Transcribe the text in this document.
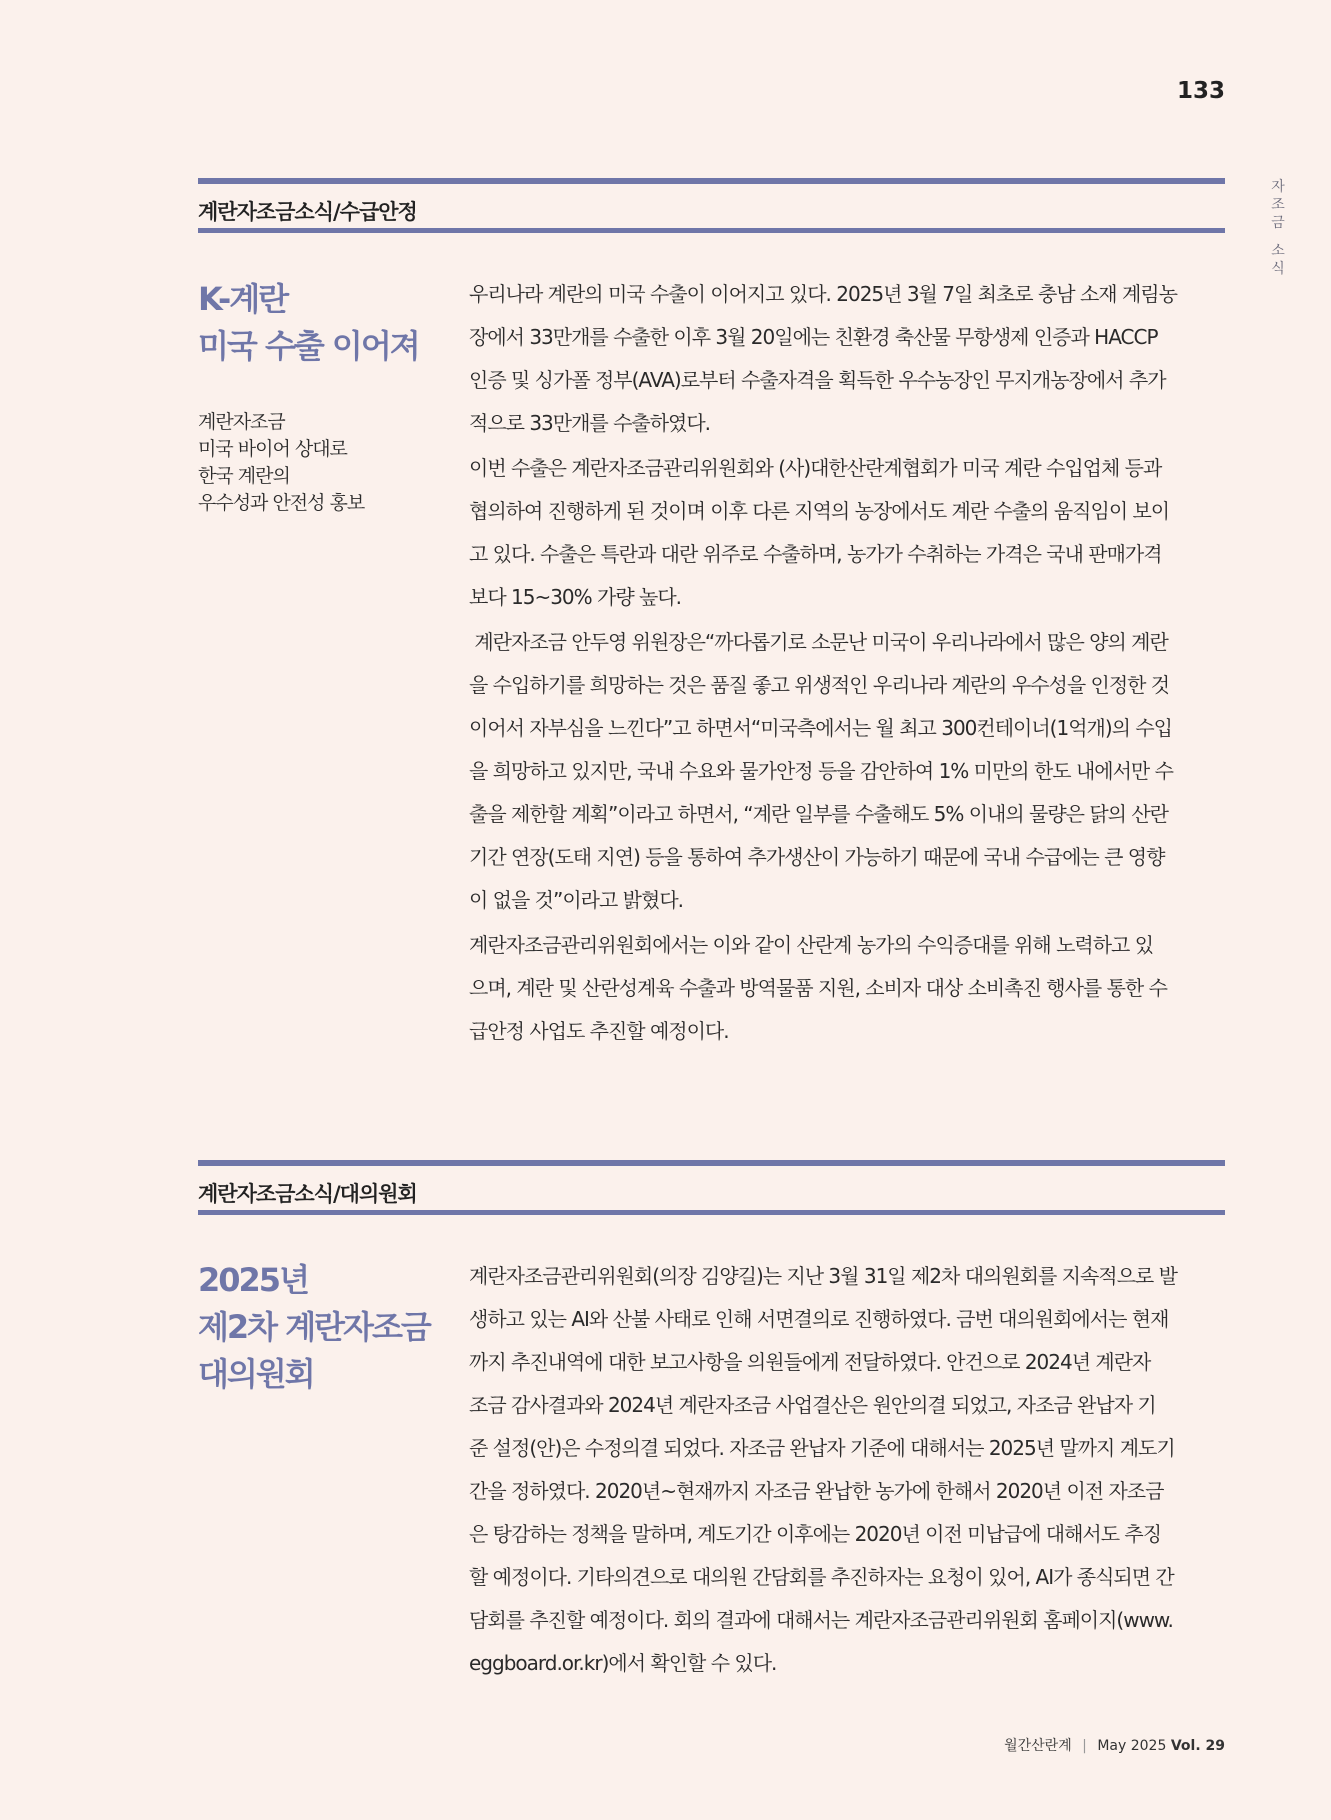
133
자
조
금
소
식
계란자조금소식/수급안정
K-계란
미국 수출 이어져
계란자조금
미국 바이어 상대로
한국 계란의
우수성과 안전성 홍보

우리나라 계란의 미국 수출이 이어지고 있다. 2025년 3월 7일 최초로 충남 소재 계림농
장에서 33만개를 수출한 이후 3월 20일에는 친환경 축산물 무항생제 인증과 HACCP
인증 및 싱가폴 정부(AVA)로부터 수출자격을 획득한 우수농장인 무지개농장에서 추가
적으로 33만개를 수출하였다.

이번 수출은 계란자조금관리위원회와 (사)대한산란계협회가 미국 계란 수입업체 등과
협의하여 진행하게 된 것이며 이후 다른 지역의 농장에서도 계란 수출의 움직임이 보이
고 있다. 수출은 특란과 대란 위주로 수출하며, 농가가 수취하는 가격은 국내 판매가격
보다 15~30% 가량 높다.

계란자조금 안두영 위원장은“까다롭기로 소문난 미국이 우리나라에서 많은 양의 계란
을 수입하기를 희망하는 것은 품질 좋고 위생적인 우리나라 계란의 우수성을 인정한 것
이어서 자부심을 느낀다”고 하면서“미국측에서는 월 최고 300컨테이너(1억개)의 수입
을 희망하고 있지만, 국내 수요와 물가안정 등을 감안하여 1% 미만의 한도 내에서만 수
출을 제한할 계획”이라고 하면서, “계란 일부를 수출해도 5% 이내의 물량은 닭의 산란
기간 연장(도태 지연) 등을 통하여 추가생산이 가능하기 때문에 국내 수급에는 큰 영향
이 없을 것”이라고 밝혔다.

계란자조금관리위원회에서는 이와 같이 산란계 농가의 수익증대를 위해 노력하고 있
으며, 계란 및 산란성계육 수출과 방역물품 지원, 소비자 대상 소비촉진 행사를 통한 수
급안정 사업도 추진할 예정이다.

계란자조금소식/대의원회
2025년
제2차 계란자조금
대의원회

계란자조금관리위원회(의장 김양길)는 지난 3월 31일 제2차 대의원회를 지속적으로 발
생하고 있는 AI와 산불 사태로 인해 서면결의로 진행하였다. 금번 대의원회에서는 현재
까지 추진내역에 대한 보고사항을 의원들에게 전달하였다. 안건으로 2024년 계란자
조금 감사결과와 2024년 계란자조금 사업결산은 원안의결 되었고, 자조금 완납자 기
준 설정(안)은 수정의결 되었다. 자조금 완납자 기준에 대해서는 2025년 말까지 계도기
간을 정하였다. 2020년~현재까지 자조금 완납한 농가에 한해서 2020년 이전 자조금
은 탕감하는 정책을 말하며, 계도기간 이후에는 2020년 이전 미납급에 대해서도 추징
할 예정이다. 기타의견으로 대의원 간담회를 추진하자는 요청이 있어, AI가 종식되면 간
담회를 추진할 예정이다. 회의 결과에 대해서는 계란자조금관리위원회 홈페이지(www.
eggboard.or.kr)에서 확인할 수 있다.

월간산란계 | May 2025 Vol. 29
